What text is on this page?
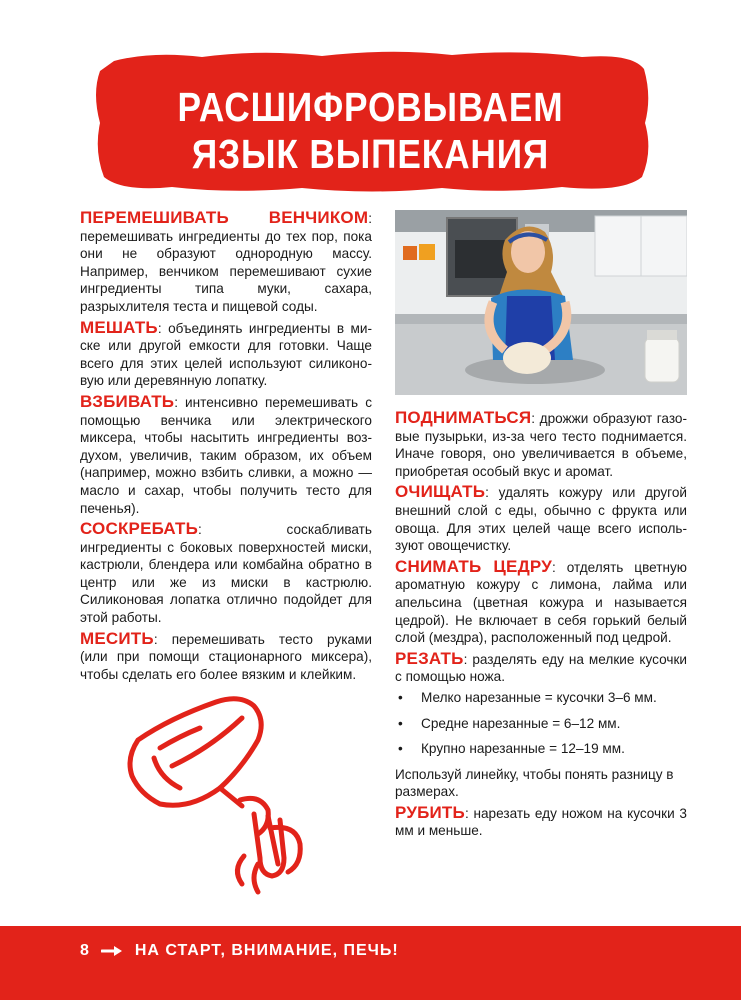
РАСШИФРОВЫВАЕМ
ЯЗЫК ВЫПЕКАНИЯ

ПЕРЕМЕШИВАТЬ ВЕНЧИКОМ: перемешивать ингредиенты до тех пор, пока они не образуют однородную массу. Например, венчиком перемешивают сухие ингредиенты типа муки, сахара, разрыхлителя теста и пищевой соды.

МЕШАТЬ: объединять ингредиенты в миске или другой емкости для готовки. Чаще всего для этих целей используют силиконовую или деревянную лопатку.

ВЗБИВАТЬ: интенсивно перемешивать с помощью венчика или электрического миксера, чтобы насытить ингредиенты воздухом, увеличив, таким образом, их объем (например, можно взбить сливки, а можно — масло и сахар, чтобы получить тесто для печенья).

СОСКРЕБАТЬ: соскабливать ингредиенты с боковых поверхностей миски, кастрюли, блендера или комбайна обратно в центр или же из миски в кастрюлю. Силиконовая лопатка отлично подойдет для этой работы.

МЕСИТЬ: перемешивать тесто руками (или при помощи стационарного миксера), чтобы сделать его более вязким и клейким.

ПОДНИМАТЬСЯ: дрожжи образуют газовые пузырьки, из-за чего тесто поднимается. Иначе говоря, оно увеличивается в объеме, приобретая особый вкус и аромат.

ОЧИЩАТЬ: удалять кожуру или другой внешний слой с еды, обычно с фрукта или овоща. Для этих целей чаще всего используют овощечистку.

СНИМАТЬ ЦЕДРУ: отделять цветную ароматную кожуру с лимона, лайма или апельсина (цветная кожура и называется цедрой). Не включает в себя горький белый слой (мездра), расположенный под цедрой.

РЕЗАТЬ: разделять еду на мелкие кусочки с помощью ножа.

• Мелко нарезанные = кусочки 3–6 мм.
• Средне нарезанные = 6–12 мм.
• Крупно нарезанные = 12–19 мм.

Используй линейку, чтобы понять разницу в размерах.

РУБИТЬ: нарезать еду ножом на кусочки 3 мм и меньше.

8	НА СТАРТ, ВНИМАНИЕ, ПЕЧЬ!
